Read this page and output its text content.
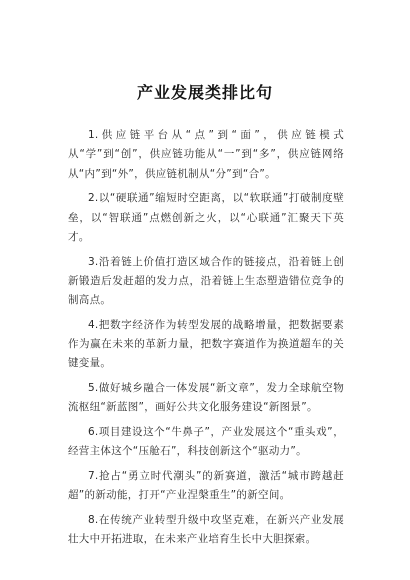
产业发展类排比句

1.供应链平台从“点”到“面”，供应链模式从“学”到“创”，供应链功能从“一”到“多”，供应链网络从“内”到“外”，供应链机制从“分”到“合”。

2.以“硬联通”缩短时空距离，以“软联通”打破制度壁垒，以“智联通”点燃创新之火，以“心联通”汇聚天下英才。

3.沿着链上价值打造区域合作的链接点，沿着链上创新锻造后发赶超的发力点，沿着链上生态塑造错位竞争的制高点。

4.把数字经济作为转型发展的战略增量，把数据要素作为赢在未来的革新力量，把数字赛道作为换道超车的关键变量。

5.做好城乡融合一体发展“新文章”，发力全球航空物流枢纽“新蓝图”，画好公共文化服务建设“新图景”。

6.项目建设这个“牛鼻子”，产业发展这个“重头戏”，经营主体这个“压舱石”，科技创新这个“驱动力”。

7.抢占“勇立时代潮头”的新赛道，激活“城市跨越赶超”的新动能，打开“产业涅槃重生”的新空间。

8.在传统产业转型升级中攻坚克难，在新兴产业发展壮大中开拓进取，在未来产业培育生长中大胆探索。
